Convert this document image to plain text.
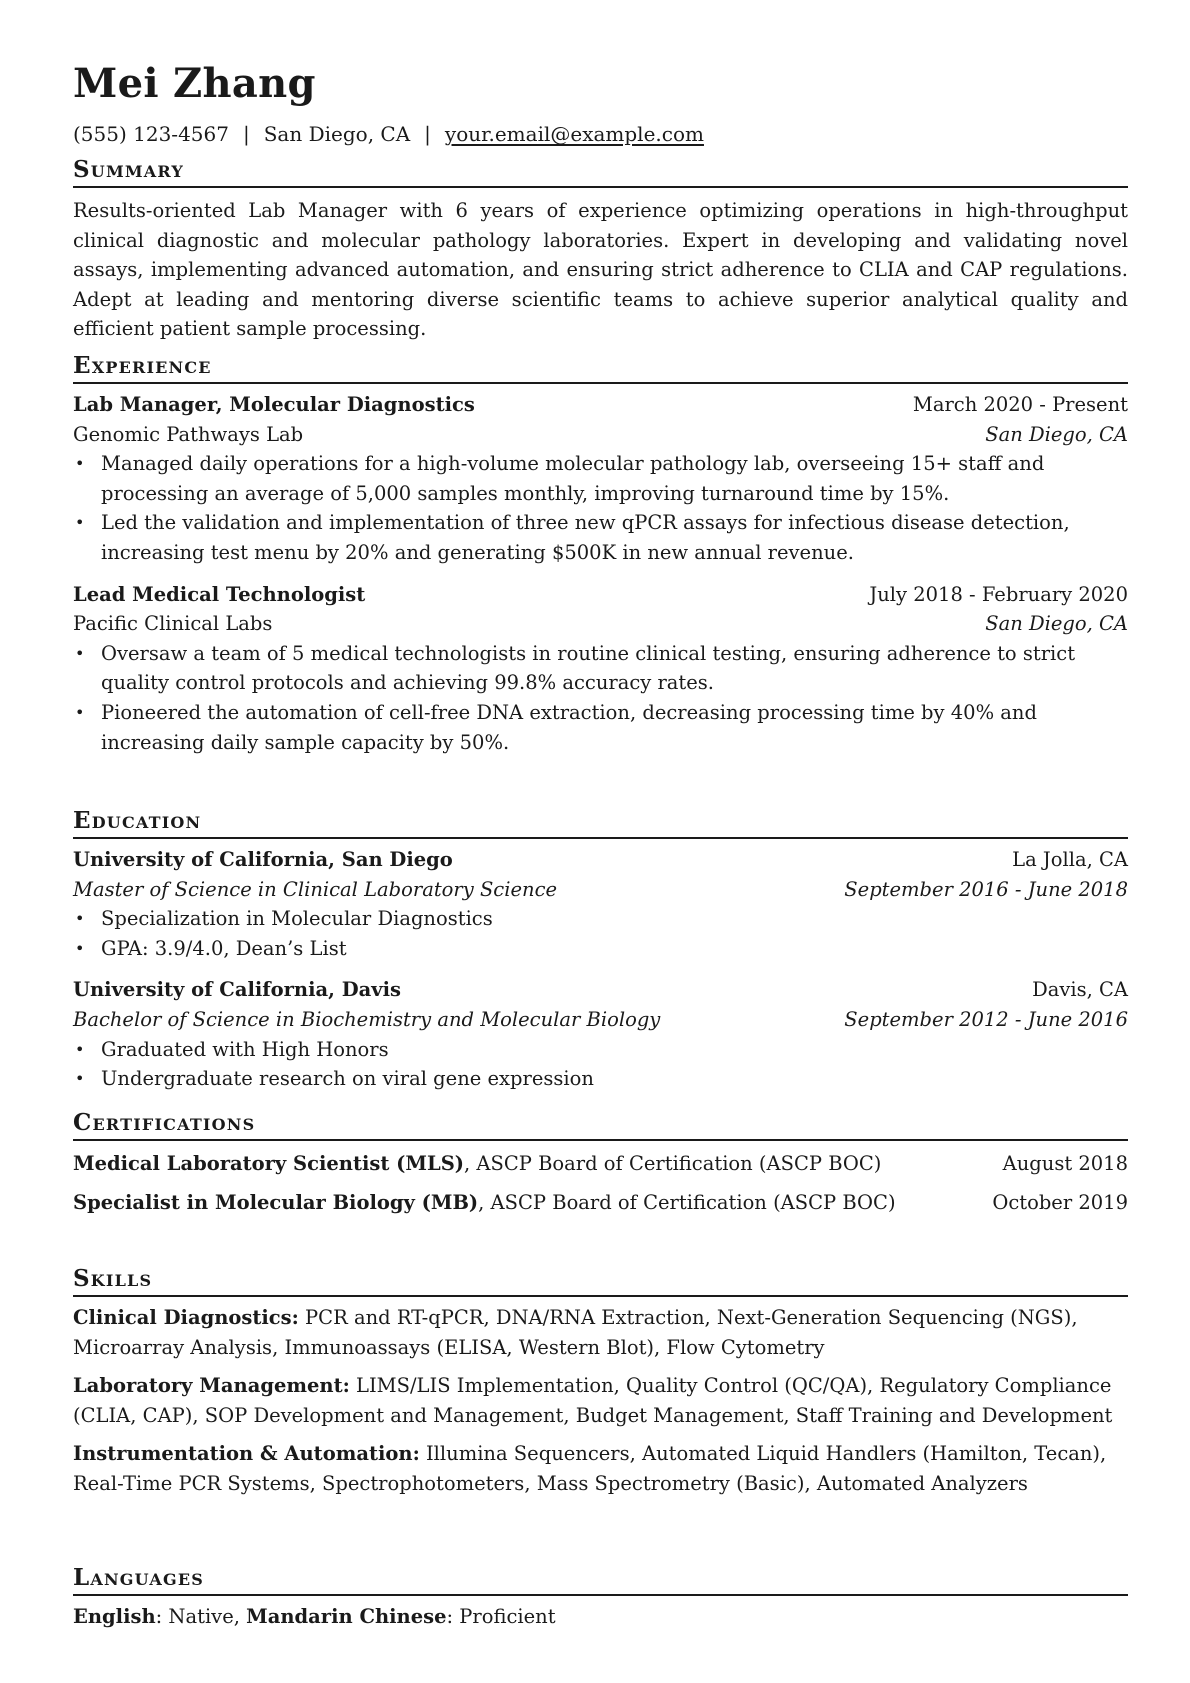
Mei Zhang
(555) 123-4567 | San Diego, CA | your.email@example.com
Summary
Results-oriented Lab Manager with 6 years of experience optimizing operations in high-throughput clinical diagnostic and molecular pathology laboratories. Expert in developing and validating novel assays, implementing advanced automation, and ensuring strict adherence to CLIA and CAP regulations. Adept at leading and mentoring diverse scientific teams to achieve superior analytical quality and efficient patient sample processing.
Experience
Lab Manager, Molecular Diagnostics	March 2020 - Present
Genomic Pathways Lab	San Diego, CA
• Managed daily operations for a high-volume molecular pathology lab, overseeing 15+ staff and processing an average of 5,000 samples monthly, improving turnaround time by 15%.
• Led the validation and implementation of three new qPCR assays for infectious disease detection, increasing test menu by 20% and generating $500K in new annual revenue.
Lead Medical Technologist	July 2018 - February 2020
Pacific Clinical Labs	San Diego, CA
• Oversaw a team of 5 medical technologists in routine clinical testing, ensuring adherence to strict quality control protocols and achieving 99.8% accuracy rates.
• Pioneered the automation of cell-free DNA extraction, decreasing processing time by 40% and increasing daily sample capacity by 50%.
Education
University of California, San Diego	La Jolla, CA
Master of Science in Clinical Laboratory Science	September 2016 - June 2018
• Specialization in Molecular Diagnostics
• GPA: 3.9/4.0, Dean’s List
University of California, Davis	Davis, CA
Bachelor of Science in Biochemistry and Molecular Biology	September 2012 - June 2016
• Graduated with High Honors
• Undergraduate research on viral gene expression
Certifications
Medical Laboratory Scientist (MLS), ASCP Board of Certification (ASCP BOC)	August 2018
Specialist in Molecular Biology (MB), ASCP Board of Certification (ASCP BOC)	October 2019
Skills
Clinical Diagnostics: PCR and RT-qPCR, DNA/RNA Extraction, Next-Generation Sequencing (NGS), Microarray Analysis, Immunoassays (ELISA, Western Blot), Flow Cytometry
Laboratory Management: LIMS/LIS Implementation, Quality Control (QC/QA), Regulatory Compliance (CLIA, CAP), SOP Development and Management, Budget Management, Staff Training and Development
Instrumentation & Automation: Illumina Sequencers, Automated Liquid Handlers (Hamilton, Tecan), Real-Time PCR Systems, Spectrophotometers, Mass Spectrometry (Basic), Automated Analyzers
Languages
English: Native, Mandarin Chinese: Proficient
